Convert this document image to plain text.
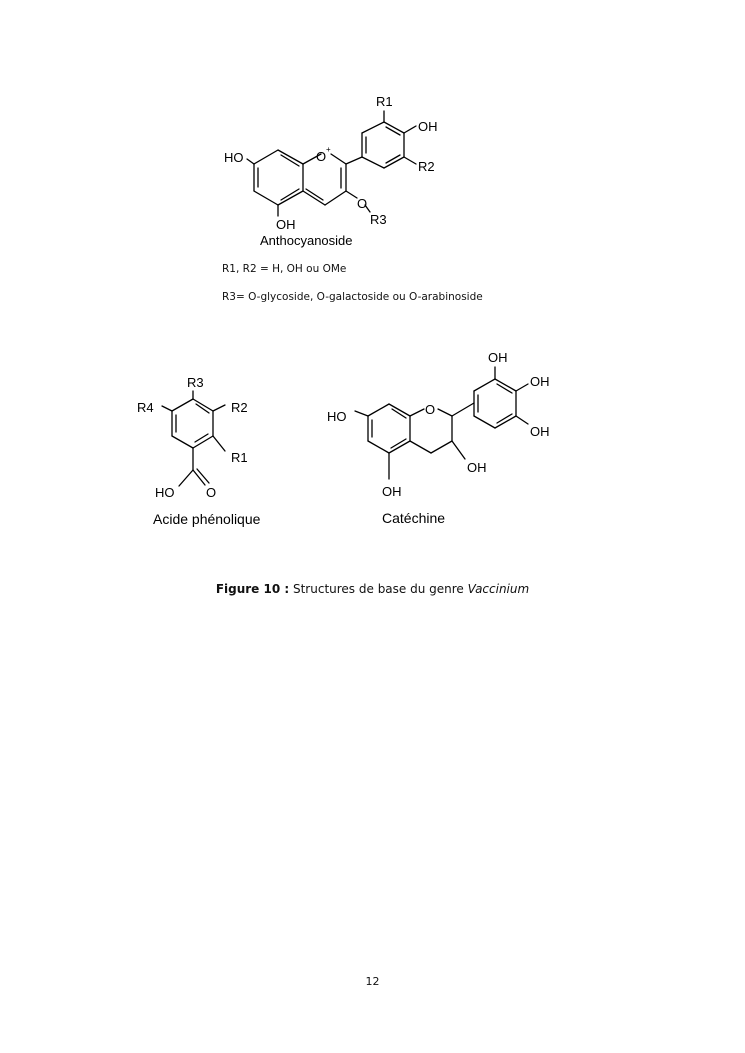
R1
OH
R2
HO	O +
O
R3
OH
Anthocyanoside
R3
R4	R2
R1
HO O
Acide phénolique
OH
OH
OH
HO	O
OH
OH
Catéchine
R1, R2 = H, OH ou OMe
R3= O-glycoside, O-galactoside ou O-arabinoside
Figure 10 : Structures de base du genre Vaccinium
12
